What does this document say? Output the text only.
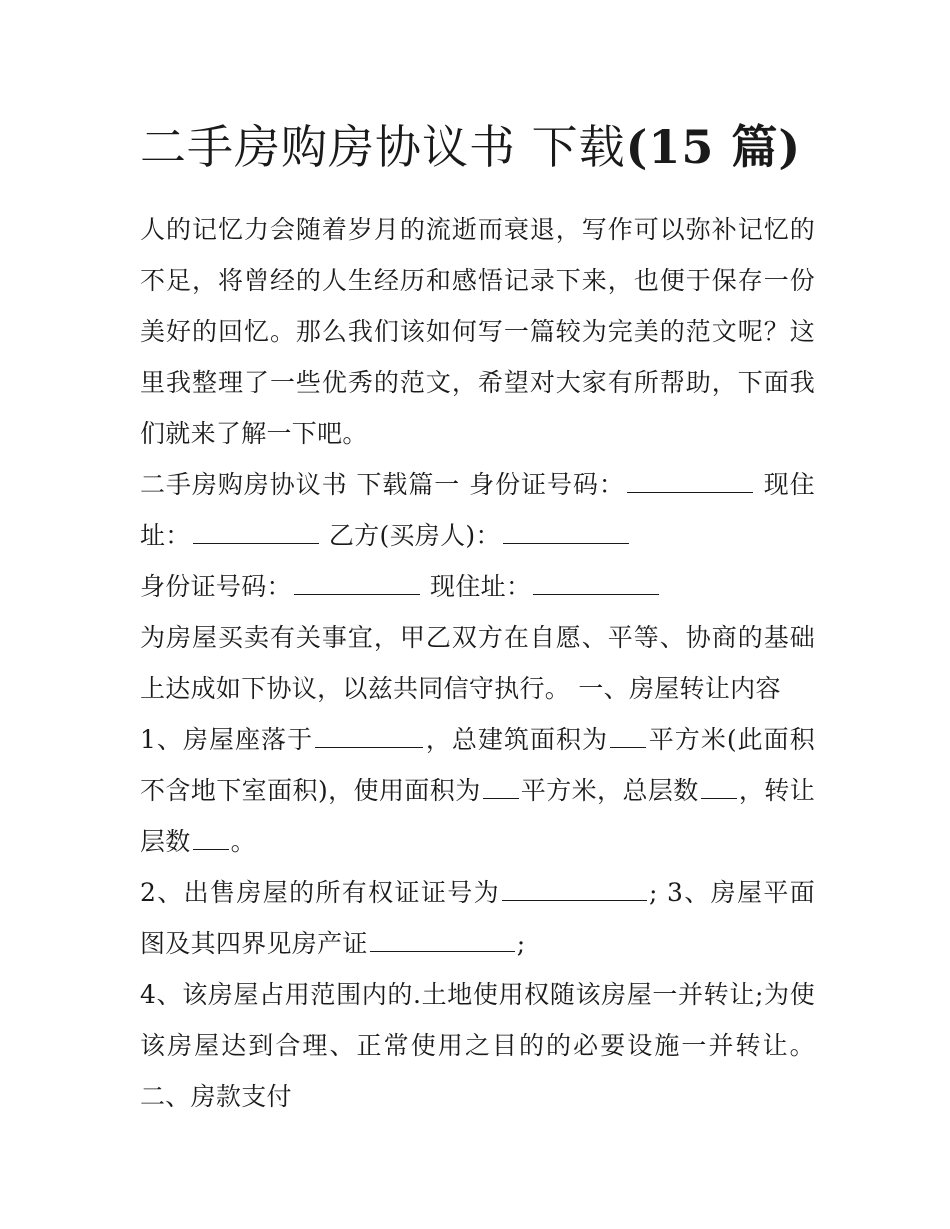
二手房购房协议书 下载(15 篇)

人的记忆力会随着岁月的流逝而衰退，写作可以弥补记忆的不足，将曾经的人生经历和感悟记录下来，也便于保存一份美好的回忆。那么我们该如何写一篇较为完美的范文呢？这里我整理了一些优秀的范文，希望对大家有所帮助，下面我们就来了解一下吧。

二手房购房协议书 下载篇一 身份证号码：	现住址：	乙方(买房人)：

身份证号码：	现住址：

为房屋买卖有关事宜，甲乙双方在自愿、平等、协商的基础上达成如下协议，以兹共同信守执行。 一、房屋转让内容

1、房屋座落于	，总建筑面积为 平方米(此面积不含地下室面积)，使用面积为 平方米，总层数 ，转让层数 。

2、出售房屋的所有权证证号为	; 3、房屋平面图及其四界见房产证	;

4、该房屋占用范围内的.土地使用权随该房屋一并转让;为使该房屋达到合理、正常使用之目的的必要设施一并转让。 二、房款支付
